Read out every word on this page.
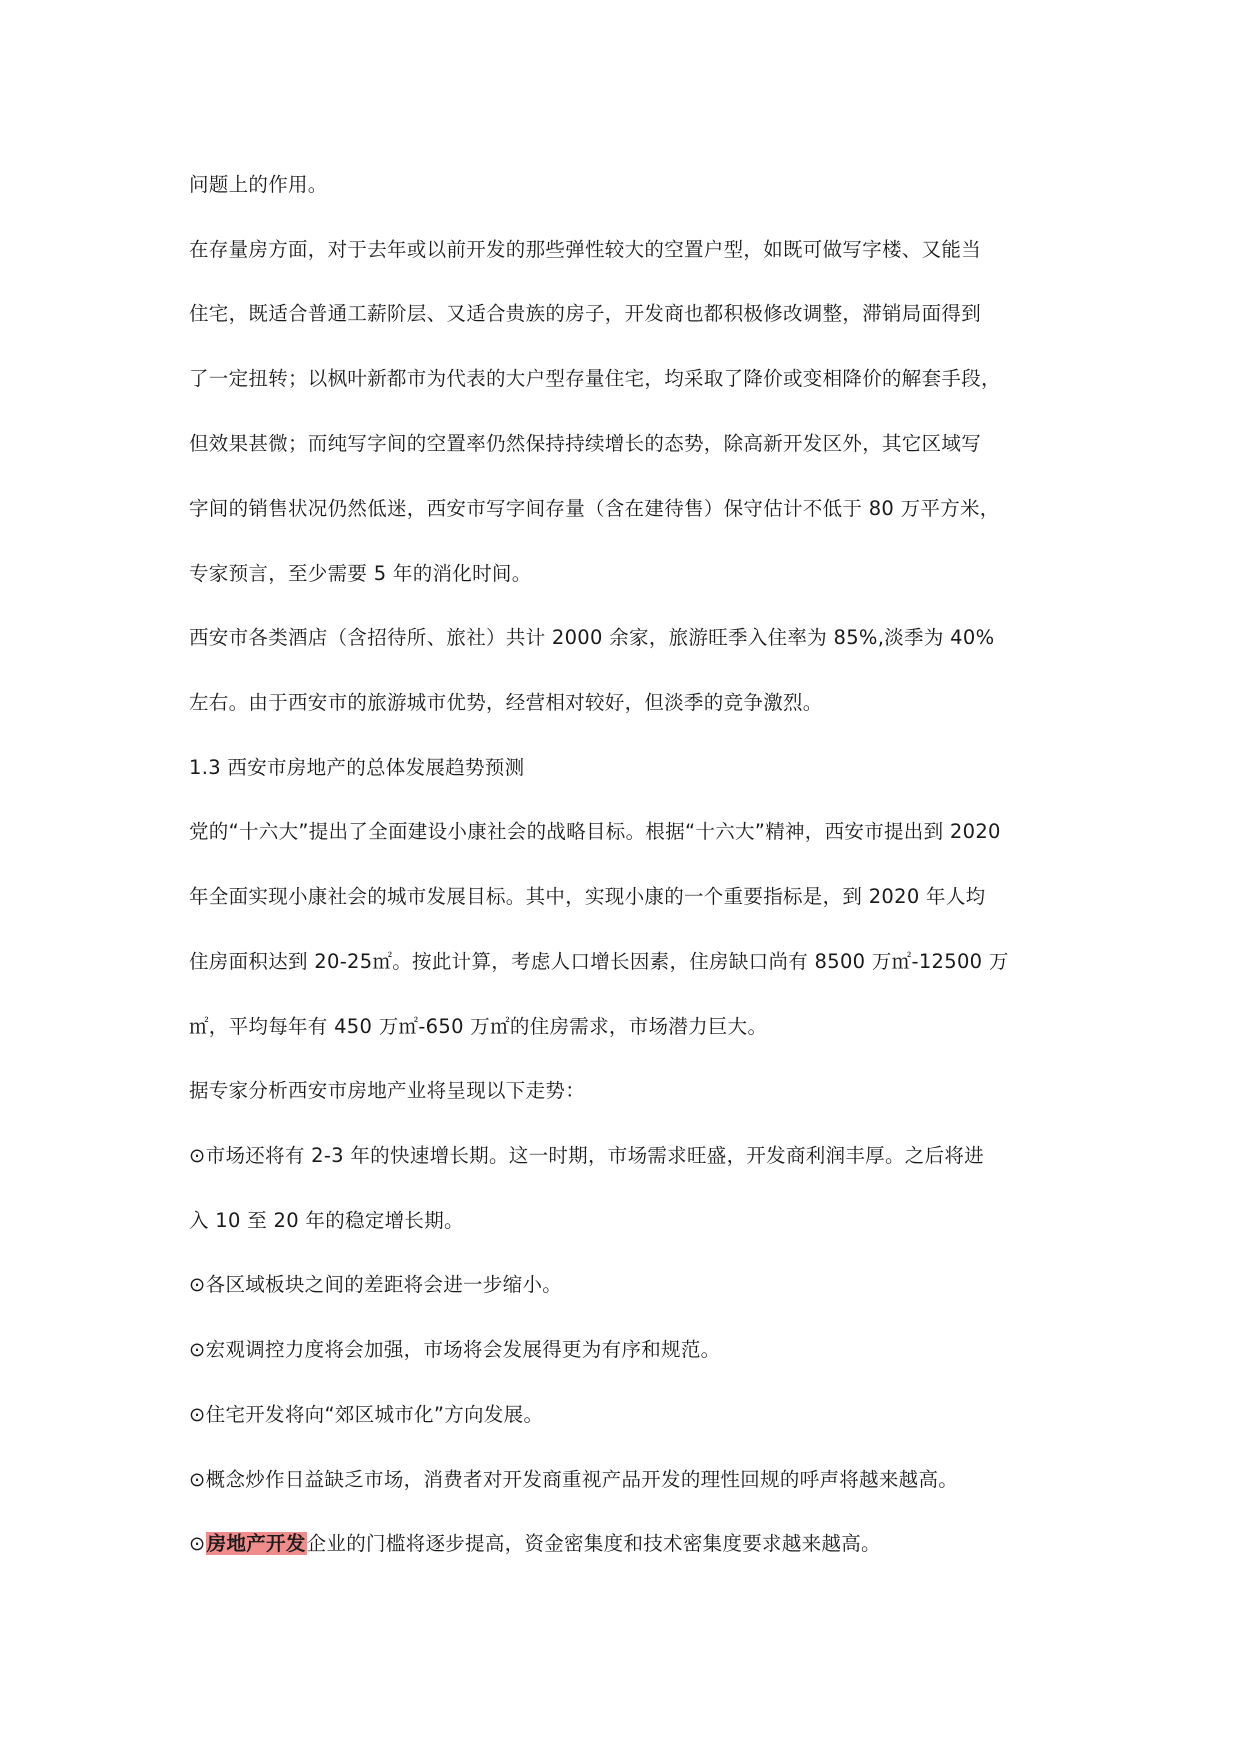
问题上的作用。
在存量房方面，对于去年或以前开发的那些弹性较大的空置户型，如既可做写字楼、又能当
住宅，既适合普通工薪阶层、又适合贵族的房子，开发商也都积极修改调整，滞销局面得到
了一定扭转；以枫叶新都市为代表的大户型存量住宅，均采取了降价或变相降价的解套手段，
但效果甚微；而纯写字间的空置率仍然保持持续增长的态势，除高新开发区外，其它区域写
字间的销售状况仍然低迷，西安市写字间存量（含在建待售）保守估计不低于 80 万平方米，
专家预言，至少需要 5 年的消化时间。
西安市各类酒店（含招待所、旅社）共计 2000 余家，旅游旺季入住率为 85%,淡季为 40%
左右。由于西安市的旅游城市优势，经营相对较好，但淡季的竞争激烈。
1.3 西安市房地产的总体发展趋势预测
党的“十六大”提出了全面建设小康社会的战略目标。根据“十六大”精神，西安市提出到 2020
年全面实现小康社会的城市发展目标。其中，实现小康的一个重要指标是，到 2020 年人均
住房面积达到 20-25㎡。按此计算，考虑人口增长因素，住房缺口尚有 8500 万㎡-12500 万
㎡，平均每年有 450 万㎡-650 万㎡的住房需求，市场潜力巨大。
据专家分析西安市房地产业将呈现以下走势：
⊙市场还将有 2-3 年的快速增长期。这一时期，市场需求旺盛，开发商利润丰厚。之后将进
入 10 至 20 年的稳定增长期。
⊙各区域板块之间的差距将会进一步缩小。
⊙宏观调控力度将会加强，市场将会发展得更为有序和规范。
⊙住宅开发将向“郊区城市化”方向发展。
⊙概念炒作日益缺乏市场，消费者对开发商重视产品开发的理性回规的呼声将越来越高。
⊙房地产开发企业的门槛将逐步提高，资金密集度和技术密集度要求越来越高。
